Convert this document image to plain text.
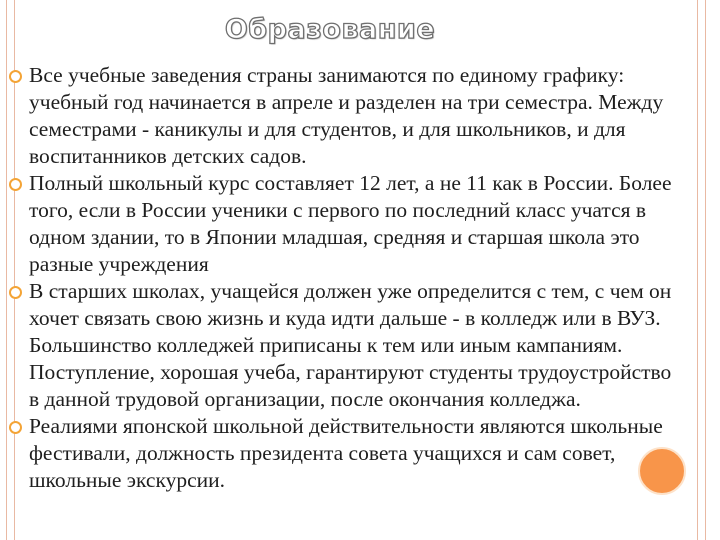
Образование
Все учебные заведения страны занимаются по единому графику: учебный год начинается в апреле и разделен на три семестра. Между семестрами - каникулы и для студентов, и для школьников, и для воспитанников детских садов.
Полный школьный курс составляет 12 лет, а не 11 как в России. Более того, если в России ученики с первого по последний класс учатся в одном здании, то в Японии младшая, средняя и старшая школа это разные учреждения
В старших школах, учащейся должен уже определится с тем, с чем он хочет связать свою жизнь и куда идти дальше - в колледж или в ВУЗ. Большинство колледжей приписаны к тем или иным кампаниям. Поступление, хорошая учеба, гарантируют студенты трудоустройство в данной трудовой организации, после окончания колледжа.
Реалиями японской школьной действительности являются школьные фестивали, должность президента совета учащихся и сам совет, школьные экскурсии.
